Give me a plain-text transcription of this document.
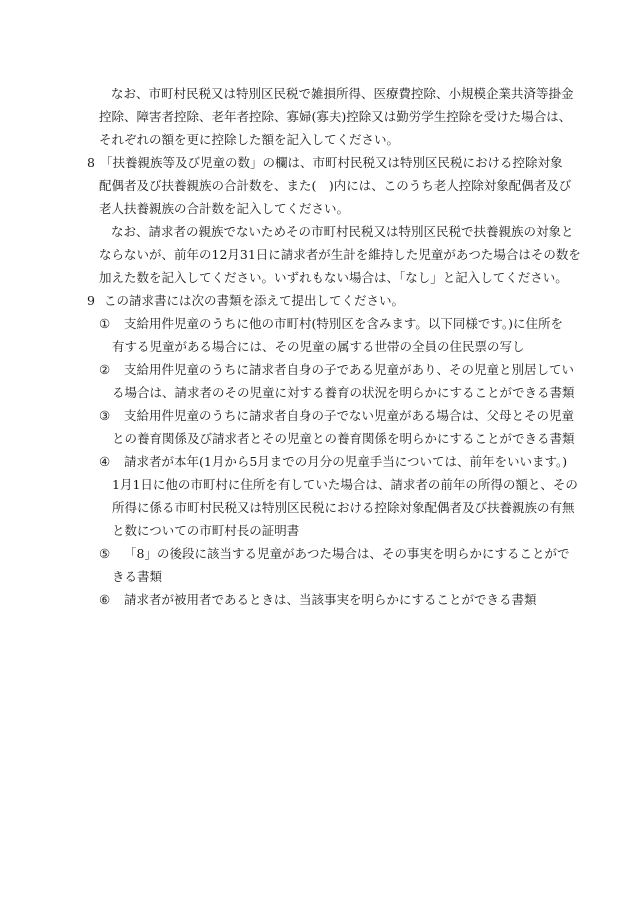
なお、市町村民税又は特別区民税で雑損所得、医療費控除、小規模企業共済等掛金
控除、障害者控除、老年者控除、寡婦(寡夫)控除又は勤労学生控除を受けた場合は、
それぞれの額を更に控除した額を記入してください。
8 「扶養親族等及び児童の数」の欄は、市町村民税又は特別区民税における控除対象
配偶者及び扶養親族の合計数を、また(　)内には、このうち老人控除対象配偶者及び
老人扶養親族の合計数を記入してください。
なお、請求者の親族でないためその市町村民税又は特別区民税で扶養親族の対象と
ならないが、前年の12月31日に請求者が生計を維持した児童があつた場合はその数を
加えた数を記入してください。いずれもない場合は、「なし」と記入してください。
9 この請求書には次の書類を添えて提出してください。
① 支給用件児童のうちに他の市町村(特別区を含みます。以下同様です。)に住所を
有する児童がある場合には、その児童の属する世帯の全員の住民票の写し
② 支給用件児童のうちに請求者自身の子である児童があり、その児童と別居してい
る場合は、請求者のその児童に対する養育の状況を明らかにすることができる書類
③ 支給用件児童のうちに請求者自身の子でない児童がある場合は、父母とその児童
との養育関係及び請求者とその児童との養育関係を明らかにすることができる書類
④ 請求者が本年(1月から5月までの月分の児童手当については、前年をいいます。)
1月1日に他の市町村に住所を有していた場合は、請求者の前年の所得の額と、その
所得に係る市町村民税又は特別区民税における控除対象配偶者及び扶養親族の有無
と数についての市町村長の証明書
⑤ 「8」の後段に該当する児童があつた場合は、その事実を明らかにすることがで
きる書類
⑥ 請求者が被用者であるときは、当該事実を明らかにすることができる書類
